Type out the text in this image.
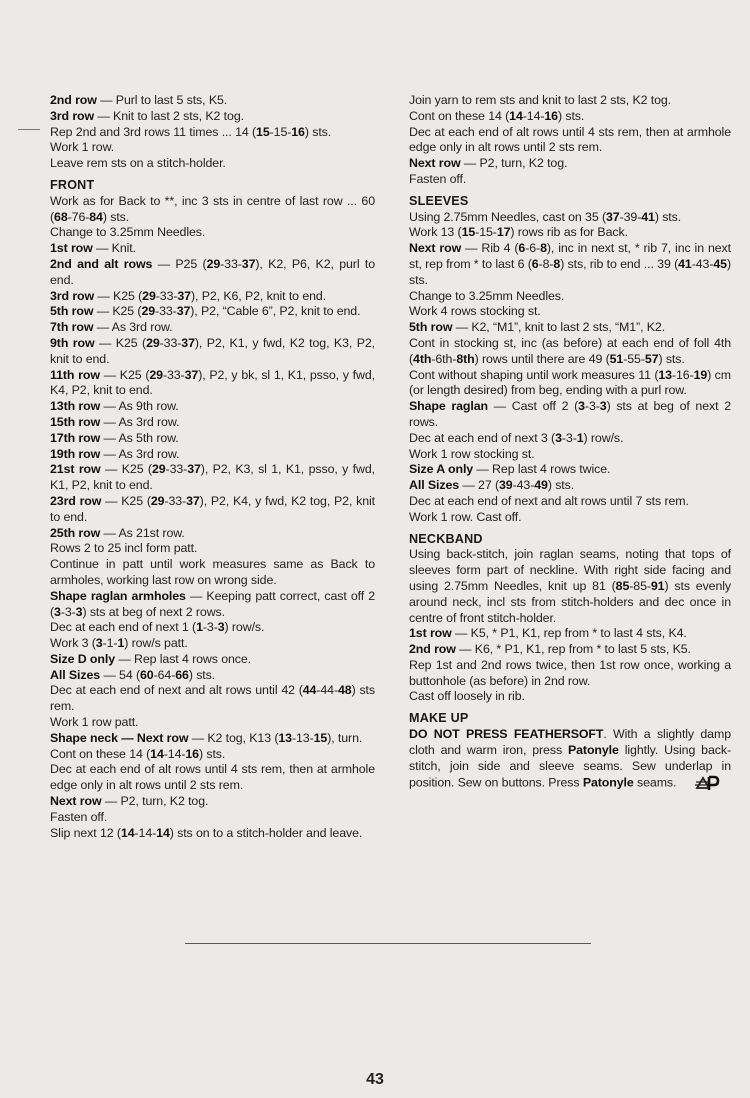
2nd row — Purl to last 5 sts, K5.
3rd row — Knit to last 2 sts, K2 tog.
Rep 2nd and 3rd rows 11 times ... 14 (15-15-16) sts.
Work 1 row.
Leave rem sts on a stitch-holder.
FRONT
Work as for Back to **, inc 3 sts in centre of last row ... 60 (68-76-84) sts.
Change to 3.25mm Needles.
1st row — Knit.
2nd and alt rows — P25 (29-33-37), K2, P6, K2, purl to end.
3rd row — K25 (29-33-37), P2, K6, P2, knit to end.
5th row — K25 (29-33-37), P2, “Cable 6”, P2, knit to end.
7th row — As 3rd row.
9th row — K25 (29-33-37), P2, K1, y fwd, K2 tog, K3, P2, knit to end.
11th row — K25 (29-33-37), P2, y bk, sl 1, K1, psso, y fwd, K4, P2, knit to end.
13th row — As 9th row.
15th row — As 3rd row.
17th row — As 5th row.
19th row — As 3rd row.
21st row — K25 (29-33-37), P2, K3, sl 1, K1, psso, y fwd, K1, P2, knit to end.
23rd row — K25 (29-33-37), P2, K4, y fwd, K2 tog, P2, knit to end.
25th row — As 21st row.
Rows 2 to 25 incl form patt.
Continue in patt until work measures same as Back to armholes, working last row on wrong side.
Shape raglan armholes — Keeping patt correct, cast off 2 (3-3-3) sts at beg of next 2 rows.
Dec at each end of next 1 (1-3-3) row/s.
Work 3 (3-1-1) row/s patt.
Size D only — Rep last 4 rows once.
All Sizes — 54 (60-64-66) sts.
Dec at each end of next and alt rows until 42 (44-44-48) sts rem.
Work 1 row patt.
Shape neck — Next row — K2 tog, K13 (13-13-15), turn.
Cont on these 14 (14-14-16) sts.
Dec at each end of alt rows until 4 sts rem, then at armhole edge only in alt rows until 2 sts rem.
Next row — P2, turn, K2 tog.
Fasten off.
Slip next 12 (14-14-14) sts on to a stitch-holder and leave.
Join yarn to rem sts and knit to last 2 sts, K2 tog.
Cont on these 14 (14-14-16) sts.
Dec at each end of alt rows until 4 sts rem, then at armhole edge only in alt rows until 2 sts rem.
Next row — P2, turn, K2 tog.
Fasten off.
SLEEVES
Using 2.75mm Needles, cast on 35 (37-39-41) sts.
Work 13 (15-15-17) rows rib as for Back.
Next row — Rib 4 (6-6-8), inc in next st, * rib 7, inc in next st, rep from * to last 6 (6-8-8) sts, rib to end ... 39 (41-43-45) sts.
Change to 3.25mm Needles.
Work 4 rows stocking st.
5th row — K2, “M1”, knit to last 2 sts, “M1”, K2.
Cont in stocking st, inc (as before) at each end of foll 4th (4th-6th-8th) rows until there are 49 (51-55-57) sts.
Cont without shaping until work measures 11 (13-16-19) cm (or length desired) from beg, ending with a purl row.
Shape raglan — Cast off 2 (3-3-3) sts at beg of next 2 rows.
Dec at each end of next 3 (3-3-1) row/s.
Work 1 row stocking st.
Size A only — Rep last 4 rows twice.
All Sizes — 27 (39-43-49) sts.
Dec at each end of next and alt rows until 7 sts rem.
Work 1 row. Cast off.
NECKBAND
Using back-stitch, join raglan seams, noting that tops of sleeves form part of neckline. With right side facing and using 2.75mm Needles, knit up 81 (85-85-91) sts evenly around neck, incl sts from stitch-holders and dec once in centre of front stitch-holder.
1st row — K5, * P1, K1, rep from * to last 4 sts, K4.
2nd row — K6, * P1, K1, rep from * to last 5 sts, K5.
Rep 1st and 2nd rows twice, then 1st row once, working a buttonhole (as before) in 2nd row.
Cast off loosely in rib.
MAKE UP
DO NOT PRESS FEATHERSOFT. With a slightly damp cloth and warm iron, press Patonyle lightly. Using back-stitch, join side and sleeve seams. Sew underlap in position. Sew on buttons. Press Patonyle seams.
43
